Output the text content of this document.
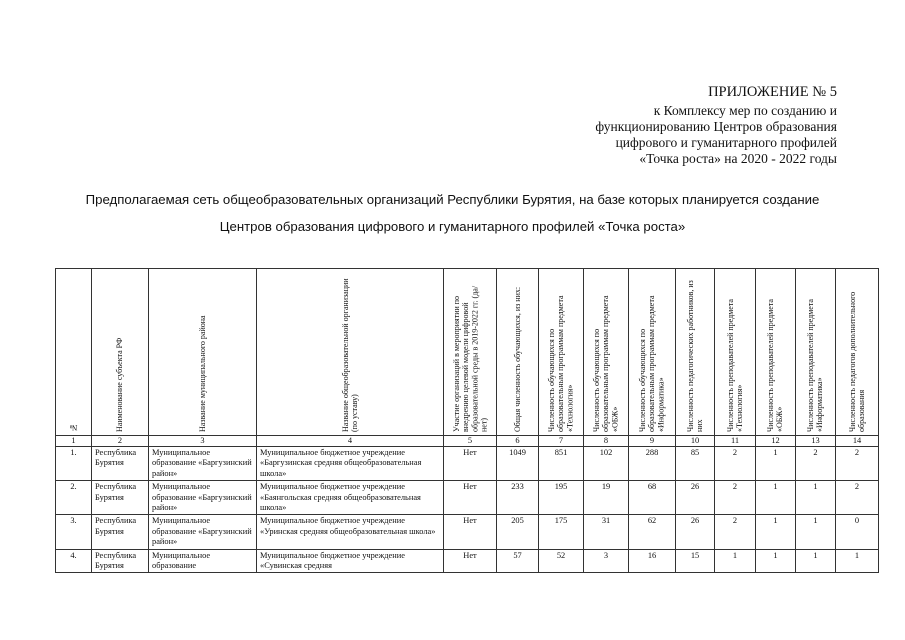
ПРИЛОЖЕНИЕ № 5
к Комплексу мер по созданию и
функционированию Центров образования
цифрового и гуманитарного профилей
«Точка роста» на 2020 - 2022 годы
Предполагаемая сеть общеобразовательных организаций Республики Бурятия, на базе которых планируется создание
Центров образования цифрового и гуманитарного профилей «Точка роста»
№	Наименование субъекта РФ	Название муниципального района	Название общеобразовательной организации (по уставу)	Участие организаций в мероприятии по внедрению целевой модели цифровой образовательной среды в 2019-2022 гг. (да/нет)	Общая численность обучающихся, из них:	Численность обучающихся по образовательным программам предмета «Технология»	Численность обучающихся по образовательным программам предмета «ОБЖ»	Численность обучающихся по образовательным программам предмета «Информатика»	Численность педагогических работников, из них	Численность преподавателей предмета «Технология»	Численность преподавателей предмета «ОБЖ»	Численность преподавателей предмета «Информатика»	Численность педагогов дополнительного образования

1	2	3	4	5	6	7	8	9	10	11	12	13	14
1.	Республика Бурятия	Муниципальное образование «Баргузинский район»	Муниципальное бюджетное учреждение «Баргузинская средняя общеобразовательная школа»	Нет	1049	851	102	288	85	2	1	2	2
2.	Республика Бурятия	Муниципальное образование «Баргузинский район»	Муниципальное бюджетное учреждение «Баянгольская средняя общеобразовательная школа»	Нет	233	195	19	68	26	2	1	1	2
3.	Республика Бурятия	Муниципальное образование «Баргузинский район»	Муниципальное бюджетное учреждение «Уринская средняя общеобразовательная школа»	Нет	205	175	31	62	26	2	1	1	0
4.	Республика Бурятия	Муниципальное образование	Муниципальное бюджетное учреждение «Сувинская средняя	Нет	57	52	3	16	15	1	1	1	1
